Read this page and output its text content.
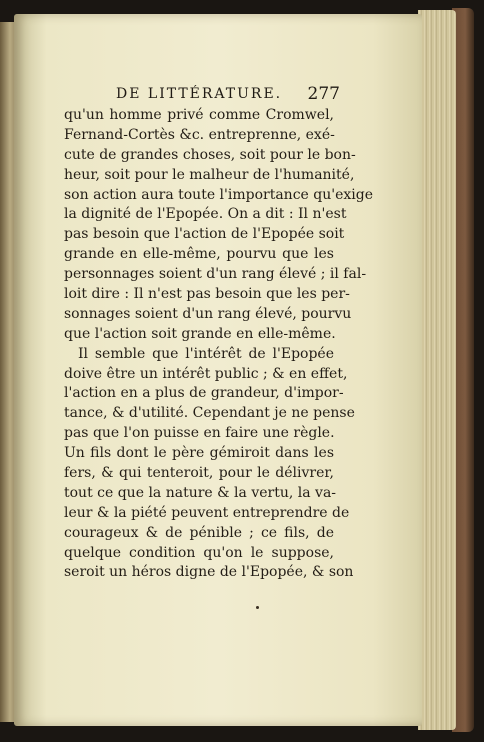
DE LITTÉRATURE. 277
qu'un homme privé comme Cromwel,
Fernand-Cortès &c. entreprenne, exé-
cute de grandes choses, soit pour le bon-
heur, soit pour le malheur de l'humanité,
son action aura toute l'importance qu'exige
la dignité de l'Epopée. On a dit : Il n'est
pas besoin que l'action de l'Epopée soit
grande en elle-même, pourvu que les
personnages soient d'un rang élevé ; il fal-
loit dire : Il n'est pas besoin que les per-
sonnages soient d'un rang élevé, pourvu
que l'action soit grande en elle-même.
Il semble que l'intérêt de l'Epopée
doive être un intérêt public ; & en effet,
l'action en a plus de grandeur, d'impor-
tance, & d'utilité. Cependant je ne pense
pas que l'on puisse en faire une règle.
Un fils dont le père gémiroit dans les
fers, & qui tenteroit, pour le délivrer,
tout ce que la nature & la vertu, la va-
leur & la piété peuvent entreprendre de
courageux & de pénible ; ce fils, de
quelque condition qu'on le suppose,
seroit un héros digne de l'Epopée, & son
